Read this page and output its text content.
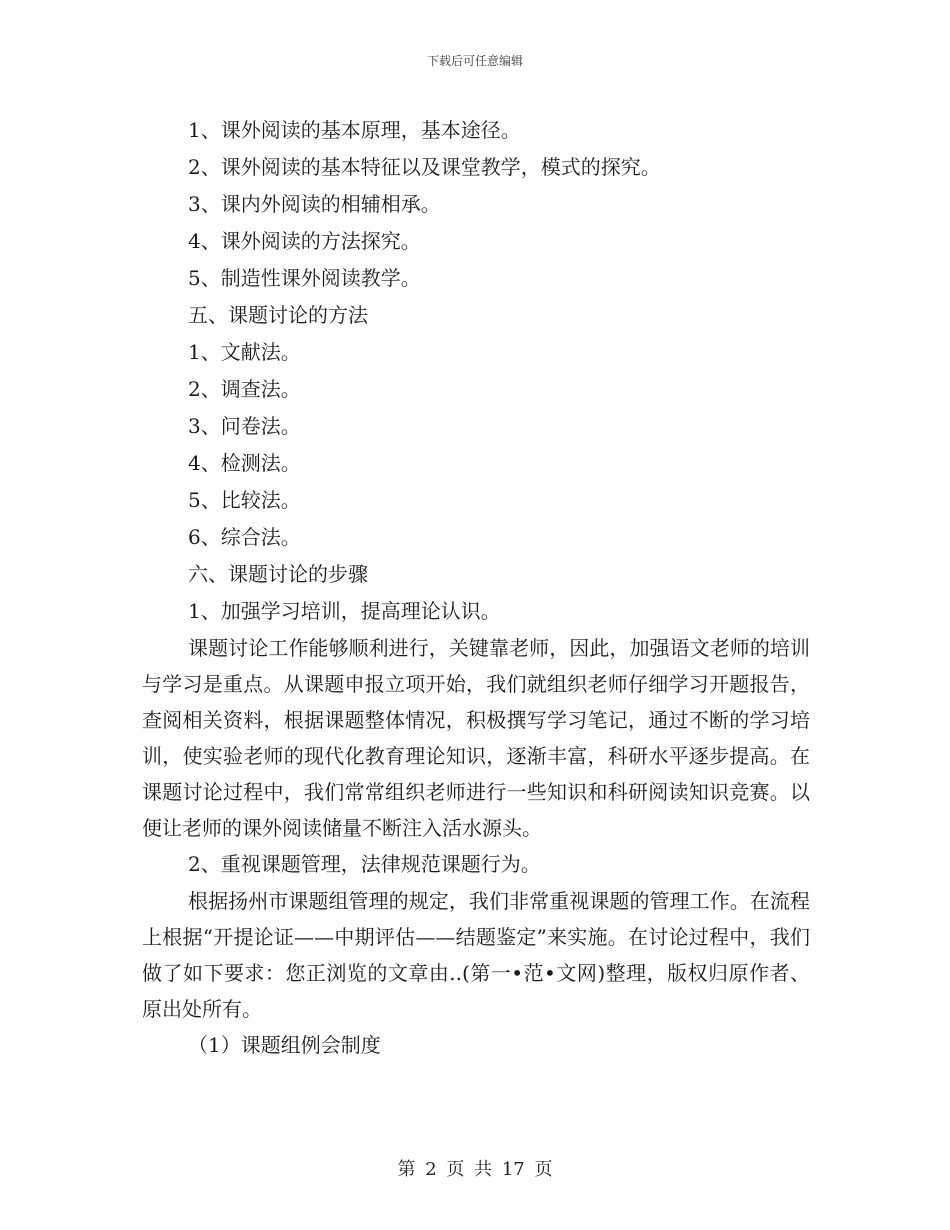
下载后可任意编辑

1、课外阅读的基本原理，基本途径。

2、课外阅读的基本特征以及课堂教学，模式的探究。

3、课内外阅读的相辅相承。

4、课外阅读的方法探究。

5、制造性课外阅读教学。

五、课题讨论的方法

1、文献法。

2、调查法。

3、问卷法。

4、检测法。

5、比较法。

6、综合法。

六、课题讨论的步骤

1、加强学习培训，提高理论认识。

课题讨论工作能够顺利进行，关键靠老师，因此，加强语文老师的培训与学习是重点。从课题申报立项开始，我们就组织老师仔细学习开题报告，查阅相关资料，根据课题整体情况，积极撰写学习笔记，通过不断的学习培训，使实验老师的现代化教育理论知识，逐渐丰富，科研水平逐步提高。在课题讨论过程中，我们常常组织老师进行一些知识和科研阅读知识竞赛。以便让老师的课外阅读储量不断注入活水源头。

2、重视课题管理，法律规范课题行为。

根据扬州市课题组管理的规定，我们非常重视课题的管理工作。在流程上根据“开提论证——中期评估——结题鉴定”来实施。在讨论过程中，我们做了如下要求：您正浏览的文章由..(第一•范•文网)整理，版权归原作者、原出处所有。

（1）课题组例会制度

第 2 页 共 17 页
